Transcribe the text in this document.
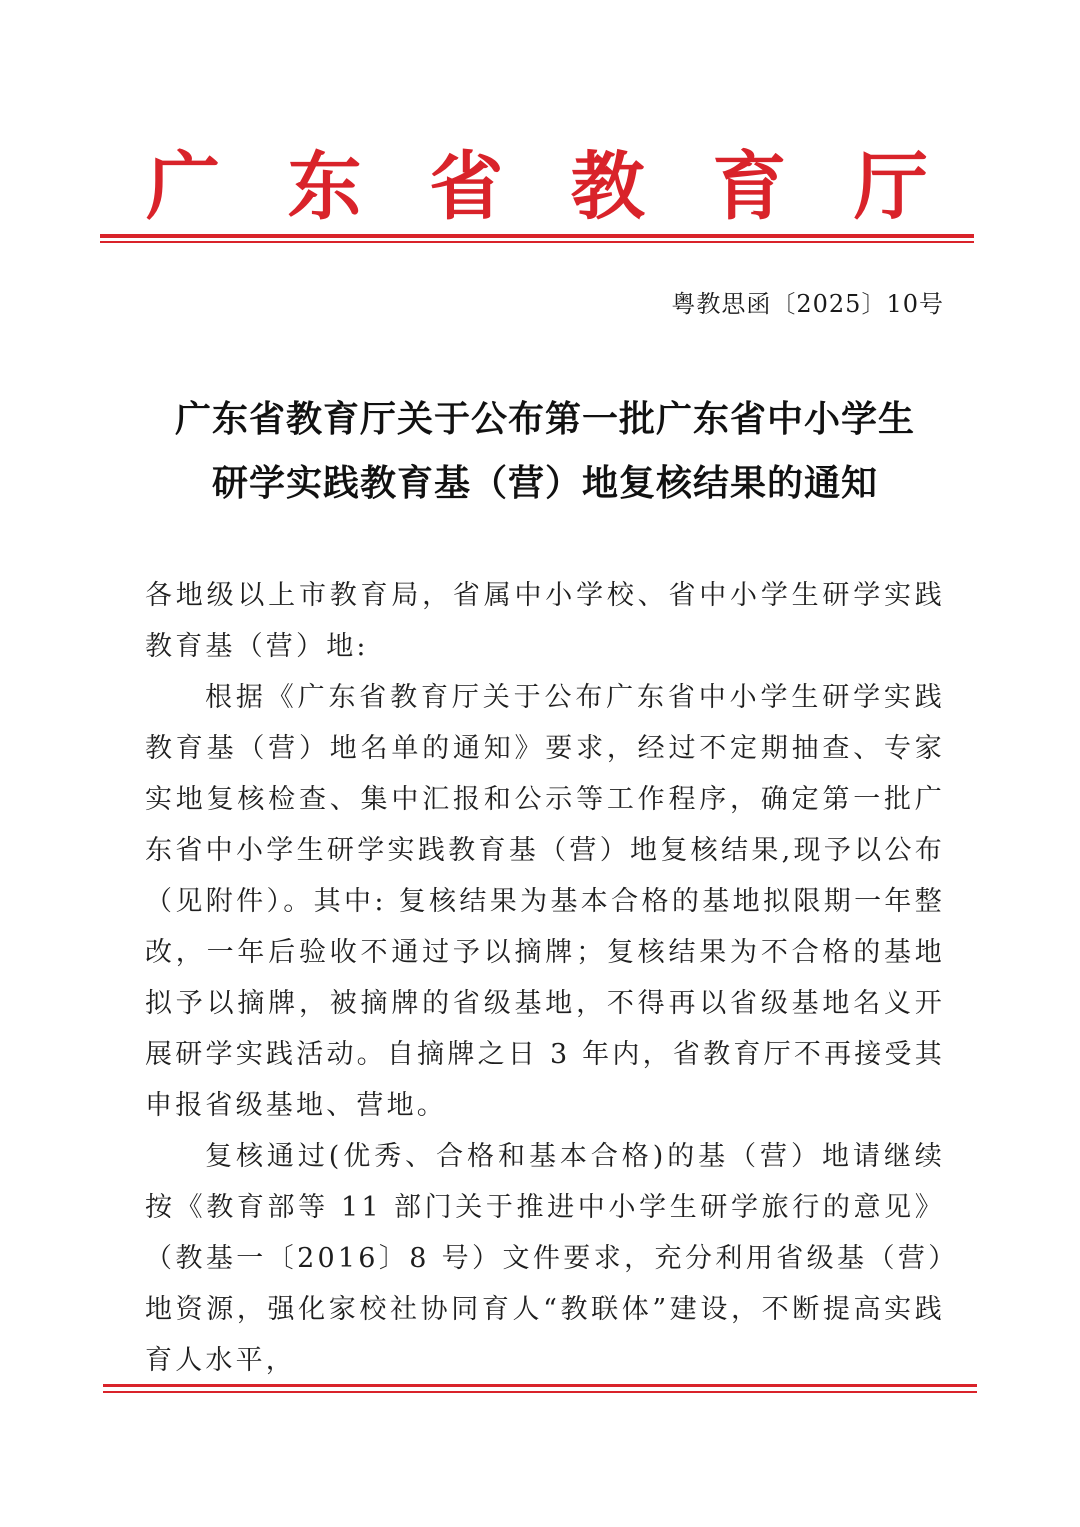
广 东 省 教 育 厅
粤教思函〔2025〕10号
广东省教育厅关于公布第一批广东省中小学生
研学实践教育基（营）地复核结果的通知

各地级以上市教育局，省属中小学校、省中小学生研学实践教育基（营）地:

根据《广东省教育厅关于公布广东省中小学生研学实践教育基（营）地名单的通知》要求，经过不定期抽查、专家实地复核检查、集中汇报和公示等工作程序，确定第一批广东省中小学生研学实践教育基（营）地复核结果,现予以公布（见附件）。其中: 复核结果为基本合格的基地拟限期一年整改，一年后验收不通过予以摘牌；复核结果为不合格的基地拟予以摘牌，被摘牌的省级基地，不得再以省级基地名义开展研学实践活动。自摘牌之日 3 年内，省教育厅不再接受其申报省级基地、营地。

复核通过(优秀、合格和基本合格)的基（营）地请继续按《教育部等 11 部门关于推进中小学生研学旅行的意见》（教基一〔2016〕8 号）文件要求，充分利用省级基（营）地资源，强化家校社协同育人“教联体”建设，不断提高实践育人水平，
